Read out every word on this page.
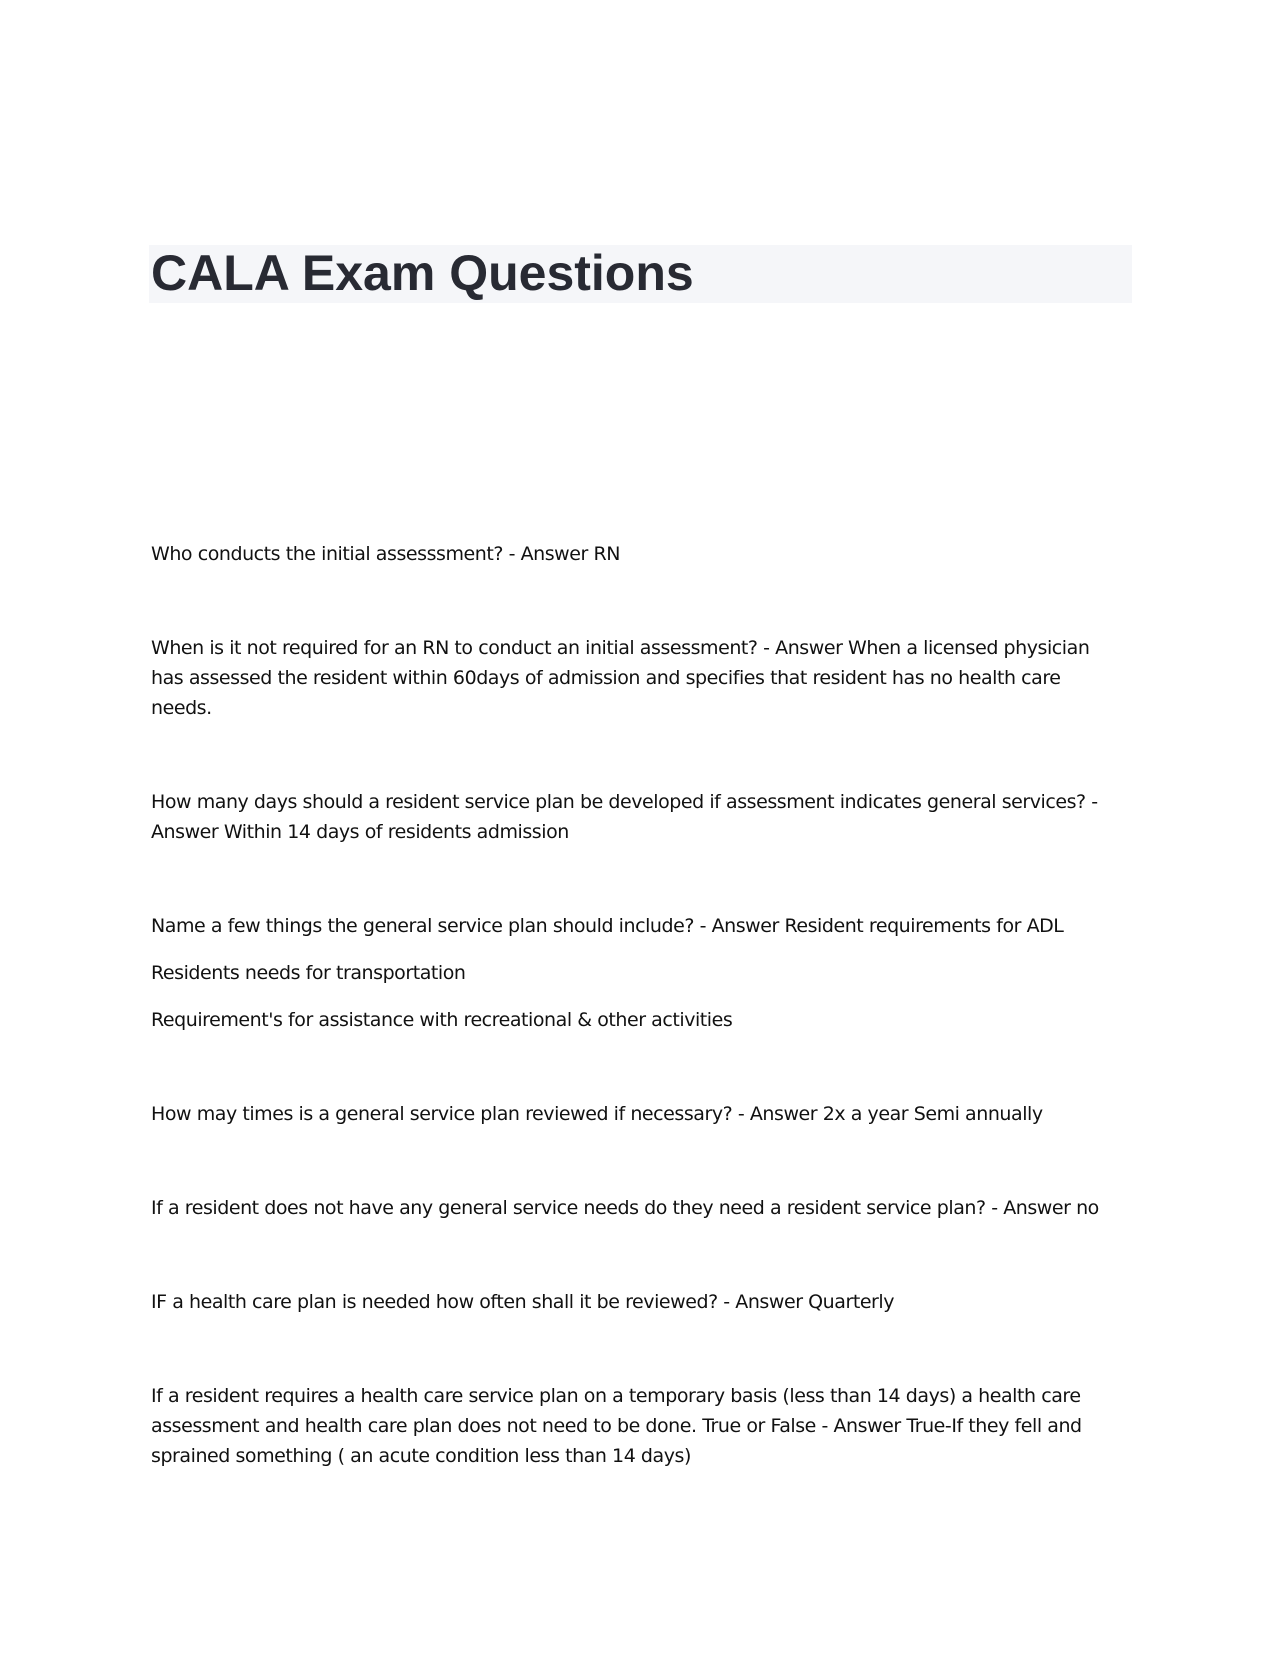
CALA Exam Questions

Who conducts the initial assesssment? - Answer RN

When is it not required for an RN to conduct an initial assessment? - Answer When a licensed physician

has assessed the resident within 60days of admission and specifies that resident has no health care

needs.

How many days should a resident service plan be developed if assessment indicates general services? -

Answer Within 14 days of residents admission

Name a few things the general service plan should include? - Answer Resident requirements for ADL

Residents needs for transportation

Requirement's for assistance with recreational & other activities

How may times is a general service plan reviewed if necessary? - Answer 2x a year Semi annually

If a resident does not have any general service needs do they need a resident service plan? - Answer no

IF a health care plan is needed how often shall it be reviewed? - Answer Quarterly

If a resident requires a health care service plan on a temporary basis (less than 14 days) a health care

assessment and health care plan does not need to be done. True or False - Answer True-If they fell and

sprained something ( an acute condition less than 14 days)
